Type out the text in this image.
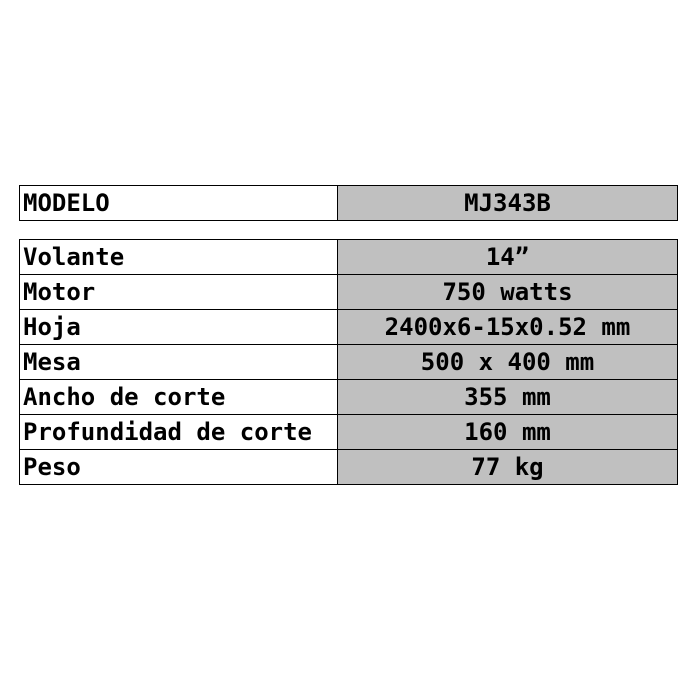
MODELO	MJ343B
Volante	14”
Motor	750 watts
Hoja	2400x6-15x0.52 mm
Mesa	500 x 400 mm
Ancho de corte	355 mm
Profundidad de corte	160 mm
Peso	77 kg
